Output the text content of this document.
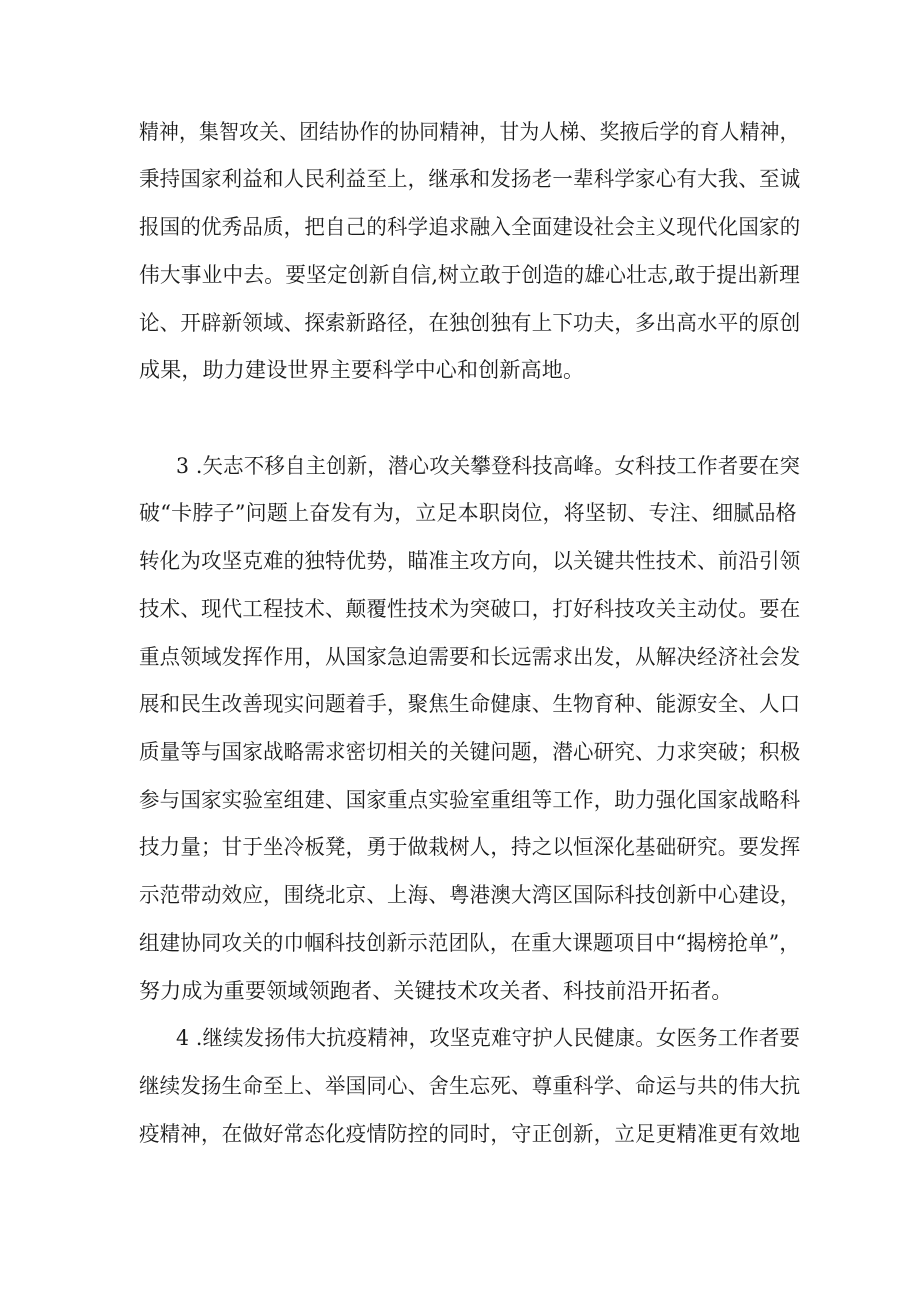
精神，集智攻关、团结协作的协同精神，甘为人梯、奖掖后学的育人精神，
秉持国家利益和人民利益至上，继承和发扬老一辈科学家心有大我、至诚
报国的优秀品质，把自己的科学追求融入全面建设社会主义现代化国家的
伟大事业中去。要坚定创新自信,树立敢于创造的雄心壮志,敢于提出新理
论、开辟新领域、探索新路径，在独创独有上下功夫，多出高水平的原创
成果，助力建设世界主要科学中心和创新高地。
3 .矢志不移自主创新，潜心攻关攀登科技高峰。女科技工作者要在突
破“卡脖子”问题上奋发有为，立足本职岗位，将坚韧、专注、细腻品格
转化为攻坚克难的独特优势，瞄准主攻方向，以关键共性技术、前沿引领
技术、现代工程技术、颠覆性技术为突破口，打好科技攻关主动仗。要在
重点领域发挥作用，从国家急迫需要和长远需求出发，从解决经济社会发
展和民生改善现实问题着手，聚焦生命健康、生物育种、能源安全、人口
质量等与国家战略需求密切相关的关键问题，潜心研究、力求突破；积极
参与国家实验室组建、国家重点实验室重组等工作，助力强化国家战略科
技力量；甘于坐冷板凳，勇于做栽树人，持之以恒深化基础研究。要发挥
示范带动效应，围绕北京、上海、粤港澳大湾区国际科技创新中心建设，
组建协同攻关的巾帼科技创新示范团队，在重大课题项目中“揭榜抢单”，
努力成为重要领域领跑者、关键技术攻关者、科技前沿开拓者。
4 .继续发扬伟大抗疫精神，攻坚克难守护人民健康。女医务工作者要
继续发扬生命至上、举国同心、舍生忘死、尊重科学、命运与共的伟大抗
疫精神，在做好常态化疫情防控的同时，守正创新，立足更精准更有效地
